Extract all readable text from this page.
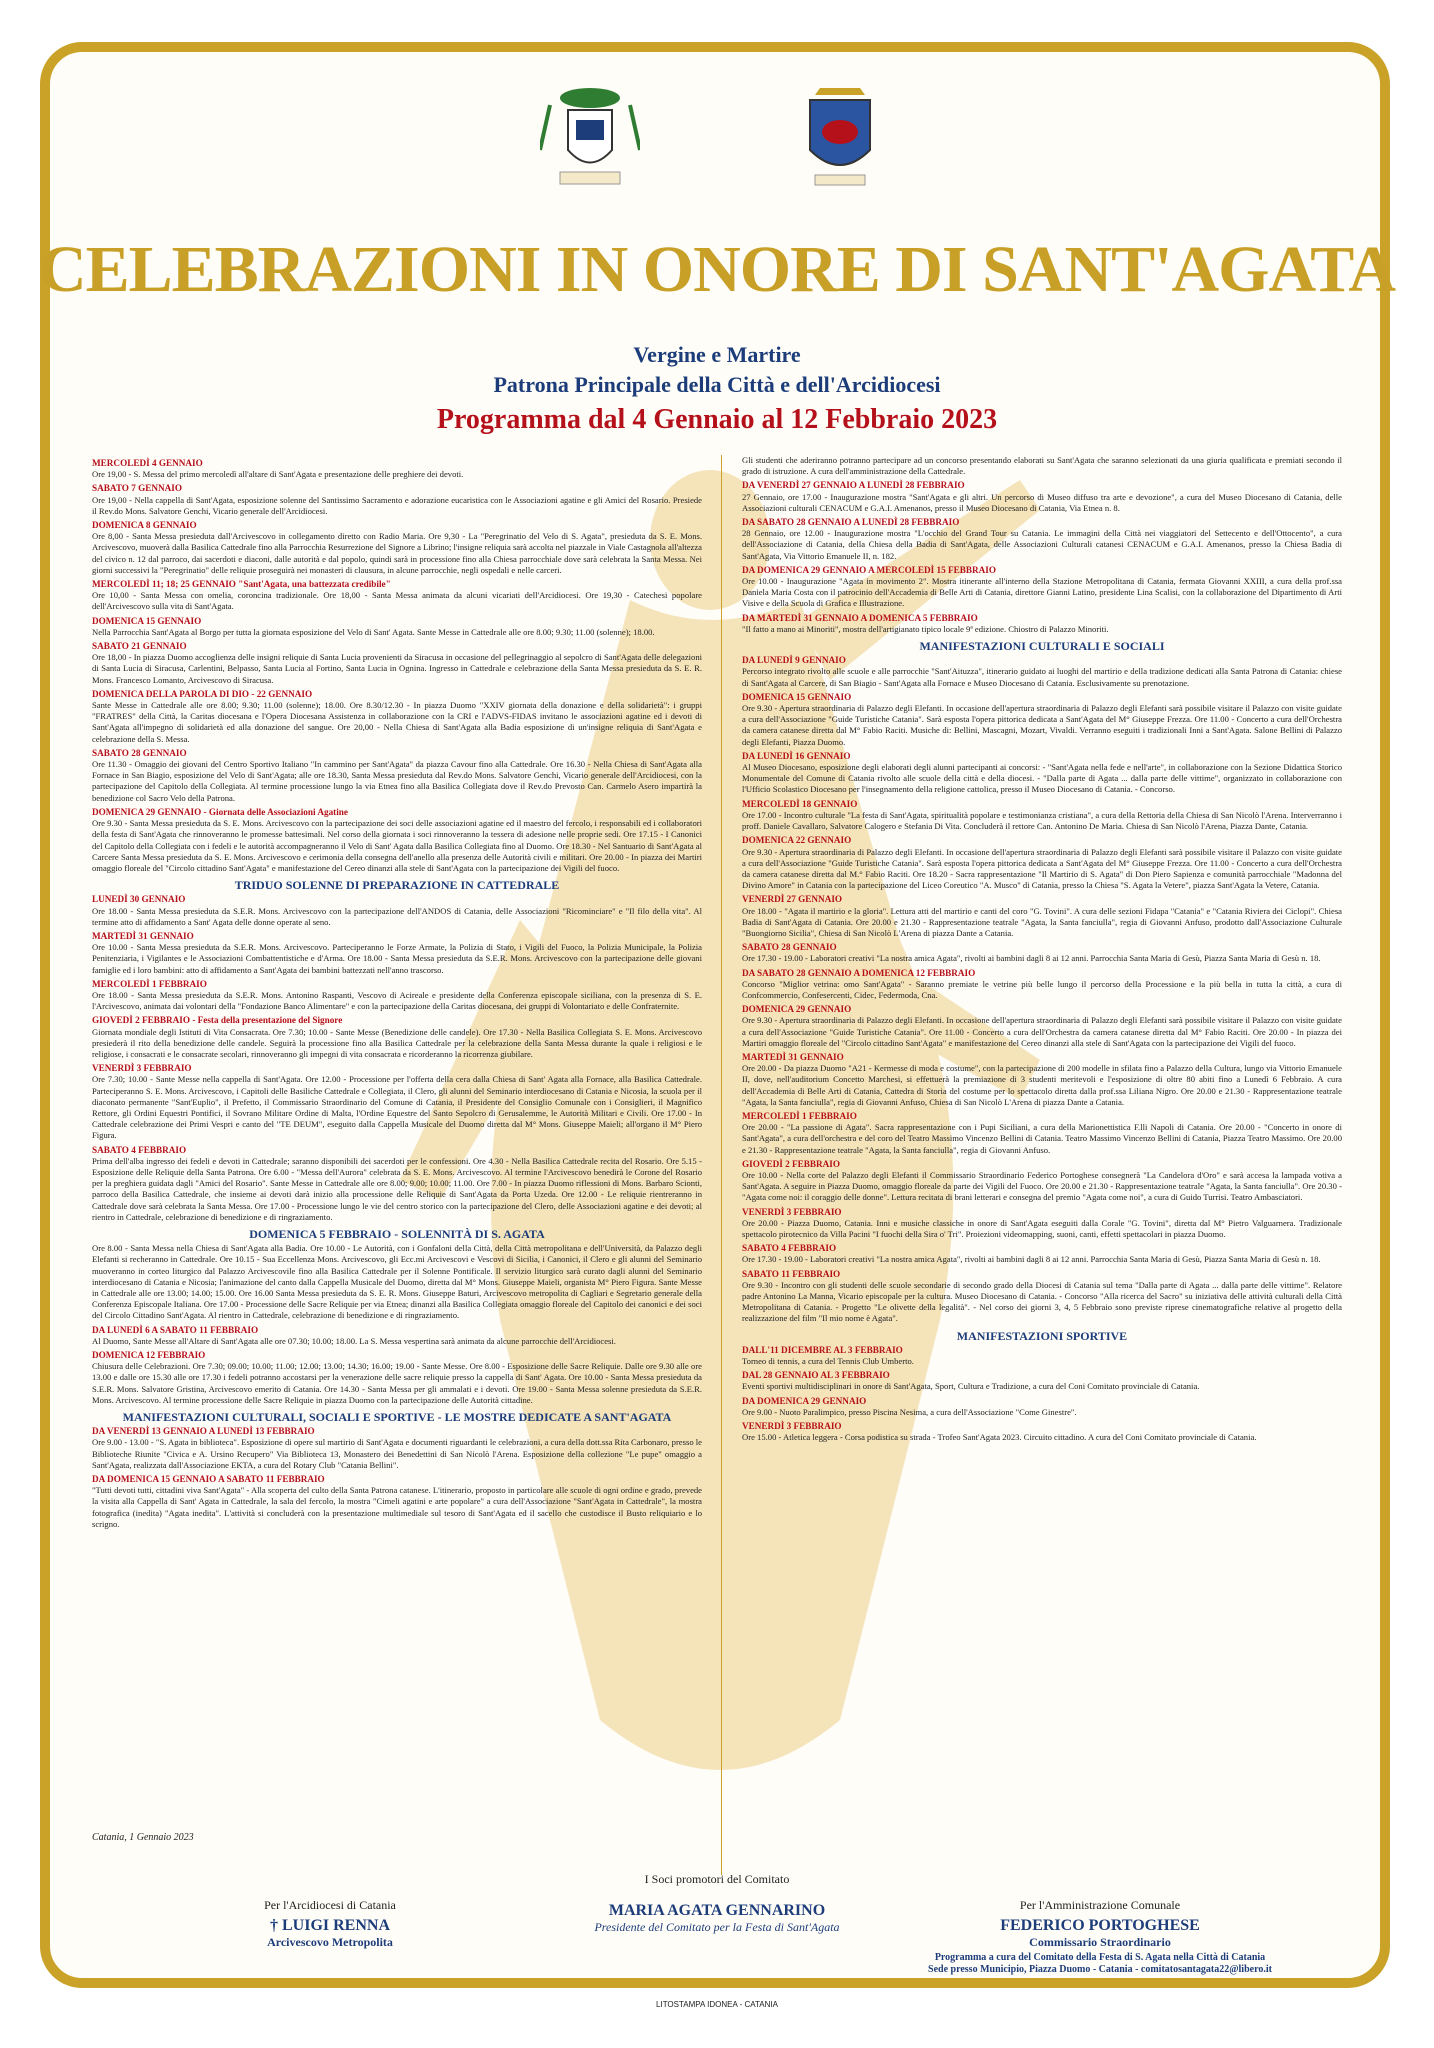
CELEBRAZIONI IN ONORE DI SANT'AGATA
Vergine e Martire
Patrona Principale della Città e dell'Arcidiocesi
Programma dal 4 Gennaio al 12 Febbraio 2023
MERCOLEDÌ 4 GENNAIO

Ore 19,00 - S. Messa del primo mercoledì all'altare di Sant'Agata e presentazione delle preghiere dei devoti.

SABATO 7 GENNAIO

Ore 19,00 - Nella cappella di Sant'Agata, esposizione solenne del Santissimo Sacramento e adorazione eucaristica con le Associazioni agatine e gli Amici del Rosario. Presiede il Rev.do Mons. Salvatore Genchi, Vicario generale dell'Arcidiocesi.

DOMENICA 8 GENNAIO

Ore 8,00 - Santa Messa presieduta dall'Arcivescovo in collegamento diretto con Radio Maria. Ore 9,30 - La "Peregrinatio del Velo di S. Agata", presieduta da S. E. Mons. Arcivescovo, muoverà dalla Basilica Cattedrale fino alla Parrocchia Resurrezione del Signore a Librino; l'insigne reliquia sarà accolta nel piazzale in Viale Castagnola all'altezza del civico n. 12 dal parroco, dai sacerdoti e diaconi, dalle autorità e dal popolo, quindi sarà in processione fino alla Chiesa parrocchiale dove sarà celebrata la Santa Messa. Nei giorni successivi la "Peregrinatio" delle reliquie proseguirà nei monasteri di clausura, in alcune parrocchie, negli ospedali e nelle carceri.

MERCOLEDÌ 11; 18; 25 GENNAIO "Sant'Agata, una battezzata credibile"

Ore 10,00 - Santa Messa con omelia, coroncina tradizionale. Ore 18,00 - Santa Messa animata da alcuni vicariati dell'Arcidiocesi. Ore 19,30 - Catechesi popolare dell'Arcivescovo sulla vita di Sant'Agata.

DOMENICA 15 GENNAIO

Nella Parrocchia Sant'Agata al Borgo per tutta la giornata esposizione del Velo di Sant' Agata. Sante Messe in Cattedrale alle ore 8.00; 9.30; 11.00 (solenne); 18.00.

SABATO 21 GENNAIO

Ore 18,00 - In piazza Duomo accoglienza delle insigni reliquie di Santa Lucia provenienti da Siracusa in occasione del pellegrinaggio al sepolcro di Sant'Agata delle delegazioni di Santa Lucia di Siracusa, Carlentini, Belpasso, Santa Lucia al Fortino, Santa Lucia in Ognina. Ingresso in Cattedrale e celebrazione della Santa Messa presieduta da S. E. R. Mons. Francesco Lomanto, Arcivescovo di Siracusa.

DOMENICA DELLA PAROLA DI DIO - 22 GENNAIO

Sante Messe in Cattedrale alle ore 8.00; 9.30; 11.00 (solenne); 18.00. Ore 8.30/12.30 - In piazza Duomo "XXIV giornata della donazione e della solidarietà": i gruppi "FRATRES" della Città, la Caritas diocesana e l'Opera Diocesana Assistenza in collaborazione con la CRI e l'ADVS-FIDAS invitano le associazioni agatine ed i devoti di Sant'Agata all'impegno di solidarietà ed alla donazione del sangue. Ore 20,00 - Nella Chiesa di Sant'Agata alla Badia esposizione di un'insigne reliquia di Sant'Agata e celebrazione della S. Messa.

SABATO 28 GENNAIO

Ore 11.30 - Omaggio dei giovani del Centro Sportivo Italiano "In cammino per Sant'Agata" da piazza Cavour fino alla Cattedrale. Ore 16.30 - Nella Chiesa di Sant'Agata alla Fornace in San Biagio, esposizione del Velo di Sant'Agata; alle ore 18.30, Santa Messa presieduta dal Rev.do Mons. Salvatore Genchi, Vicario generale dell'Arcidiocesi, con la partecipazione del Capitolo della Collegiata. Al termine processione lungo la via Etnea fino alla Basilica Collegiata dove il Rev.do Prevosto Can. Carmelo Asero impartirà la benedizione col Sacro Velo della Patrona.

DOMENICA 29 GENNAIO - Giornata delle Associazioni Agatine

Ore 9.30 - Santa Messa presieduta da S. E. Mons. Arcivescovo con la partecipazione dei soci delle associazioni agatine ed il maestro del fercolo, i responsabili ed i collaboratori della festa di Sant'Agata che rinnoveranno le promesse battesimali. Nel corso della giornata i soci rinnoveranno la tessera di adesione nelle proprie sedi. Ore 17.15 - I Canonici del Capitolo della Collegiata con i fedeli e le autorità accompagneranno il Velo di Sant' Agata dalla Basilica Collegiata fino al Duomo. Ore 18.30 - Nel Santuario di Sant'Agata al Carcere Santa Messa presieduta da S. E. Mons. Arcivescovo e cerimonia della consegna dell'anello alla presenza delle Autorità civili e militari. Ore 20.00 - In piazza dei Martiri omaggio floreale del "Circolo cittadino Sant'Agata" e manifestazione del Cereo dinanzi alla stele di Sant'Agata con la partecipazione dei Vigili del fuoco.

TRIDUO SOLENNE DI PREPARAZIONE IN CATTEDRALE
LUNEDÌ 30 GENNAIO

Ore 18.00 - Santa Messa presieduta da S.E.R. Mons. Arcivescovo con la partecipazione dell'ANDOS di Catania, delle Associazioni "Ricominciare" e "Il filo della vita". Al termine atto di affidamento a Sant' Agata delle donne operate al seno.

MARTEDÌ 31 GENNAIO

Ore 10.00 - Santa Messa presieduta da S.E.R. Mons. Arcivescovo. Parteciperanno le Forze Armate, la Polizia di Stato, i Vigili del Fuoco, la Polizia Municipale, la Polizia Penitenziaria, i Vigilantes e le Associazioni Combattentistiche e d'Arma. Ore 18.00 - Santa Messa presieduta da S.E.R. Mons. Arcivescovo con la partecipazione delle giovani famiglie ed i loro bambini: atto di affidamento a Sant'Agata dei bambini battezzati nell'anno trascorso.

MERCOLEDÌ 1 FEBBRAIO

Ore 18.00 - Santa Messa presieduta da S.E.R. Mons. Antonino Raspanti, Vescovo di Acireale e presidente della Conferenza episcopale siciliana, con la presenza di S. E. l'Arcivescovo, animata dai volontari della "Fondazione Banco Alimentare" e con la partecipazione della Caritas diocesana, dei gruppi di Volontariato e delle Confraternite.

GIOVEDÌ 2 FEBBRAIO - Festa della presentazione del Signore

Giornata mondiale degli Istituti di Vita Consacrata. Ore 7.30; 10.00 - Sante Messe (Benedizione delle candele). Ore 17.30 - Nella Basilica Collegiata S. E. Mons. Arcivescovo presiederà il rito della benedizione delle candele. Seguirà la processione fino alla Basilica Cattedrale per la celebrazione della Santa Messa durante la quale i religiosi e le religiose, i consacrati e le consacrate secolari, rinnoveranno gli impegni di vita consacrata e ricorderanno la ricorrenza giubilare.

VENERDÌ 3 FEBBRAIO

Ore 7.30; 10.00 - Sante Messe nella cappella di Sant'Agata. Ore 12.00 - Processione per l'offerta della cera dalla Chiesa di Sant' Agata alla Fornace, alla Basilica Cattedrale. Parteciperanno S. E. Mons. Arcivescovo, i Capitoli delle Basiliche Cattedrale e Collegiata, il Clero, gli alunni del Seminario interdiocesano di Catania e Nicosia, la scuola per il diaconato permanente "Sant'Euplio", il Prefetto, il Commissario Straordinario del Comune di Catania, il Presidente del Consiglio Comunale con i Consiglieri, il Magnifico Rettore, gli Ordini Equestri Pontifici, il Sovrano Militare Ordine di Malta, l'Ordine Equestre del Santo Sepolcro di Gerusalemme, le Autorità Militari e Civili. Ore 17.00 - In Cattedrale celebrazione dei Primi Vespri e canto del "TE DEUM", eseguito dalla Cappella Musicale del Duomo diretta dal M° Mons. Giuseppe Maieli; all'organo il M° Piero Figura.

SABATO 4 FEBBRAIO

Prima dell'alba ingresso dei fedeli e devoti in Cattedrale; saranno disponibili dei sacerdoti per le confessioni. Ore 4.30 - Nella Basilica Cattedrale recita del Rosario. Ore 5.15 - Esposizione delle Reliquie della Santa Patrona. Ore 6.00 - "Messa dell'Aurora" celebrata da S. E. Mons. Arcivescovo. Al termine l'Arcivescovo benedirà le Corone del Rosario per la preghiera guidata dagli "Amici del Rosario". Sante Messe in Cattedrale alle ore 8.00; 9.00; 10.00; 11.00. Ore 7.00 - In piazza Duomo riflessioni di Mons. Barbaro Scionti, parroco della Basilica Cattedrale, che insieme ai devoti darà inizio alla processione delle Reliquie di Sant'Agata da Porta Uzeda. Ore 12.00 - Le reliquie rientreranno in Cattedrale dove sarà celebrata la Santa Messa. Ore 17.00 - Processione lungo le vie del centro storico con la partecipazione del Clero, delle Associazioni agatine e dei devoti; al rientro in Cattedrale, celebrazione di benedizione e di ringraziamento.

DOMENICA 5 FEBBRAIO - SOLENNITÀ DI S. AGATA

Ore 8.00 - Santa Messa nella Chiesa di Sant'Agata alla Badia. Ore 10.00 - Le Autorità, con i Gonfaloni della Città, della Città metropolitana e dell'Università, da Palazzo degli Elefanti si recheranno in Cattedrale. Ore 10.15 - Sua Eccellenza Mons. Arcivescovo, gli Ecc.mi Arcivescovi e Vescovi di Sicilia, i Canonici, il Clero e gli alunni del Seminario muoveranno in corteo liturgico dal Palazzo Arcivescovile fino alla Basilica Cattedrale per il Solenne Pontificale. Il servizio liturgico sarà curato dagli alunni del Seminario interdiocesano di Catania e Nicosia; l'animazione del canto dalla Cappella Musicale del Duomo, diretta dal M° Mons. Giuseppe Maieli, organista M° Piero Figura. Sante Messe in Cattedrale alle ore 13.00; 14.00; 15.00. Ore 16.00 Santa Messa presieduta da S. E. R. Mons. Giuseppe Baturi, Arcivescovo metropolita di Cagliari e Segretario generale della Conferenza Episcopale Italiana. Ore 17.00 - Processione delle Sacre Reliquie per via Etnea; dinanzi alla Basilica Collegiata omaggio floreale del Capitolo dei canonici e dei soci del Circolo Cittadino Sant'Agata. Al rientro in Cattedrale, celebrazione di benedizione e di ringraziamento.

DA LUNEDÌ 6 A SABATO 11 FEBBRAIO

Al Duomo, Sante Messe all'Altare di Sant'Agata alle ore 07.30; 10.00; 18.00. La S. Messa vespertina sarà animata da alcune parrocchie dell'Arcidiocesi.

DOMENICA 12 FEBBRAIO

Chiusura delle Celebrazioni. Ore 7.30; 09.00; 10.00; 11.00; 12.00; 13.00; 14.30; 16.00; 19.00 - Sante Messe. Ore 8.00 - Esposizione delle Sacre Reliquie. Dalle ore 9.30 alle ore 13.00 e dalle ore 15.30 alle ore 17.30 i fedeli potranno accostarsi per la venerazione delle sacre reliquie presso la cappella di Sant' Agata. Ore 10.00 - Santa Messa presieduta da S.E.R. Mons. Salvatore Gristina, Arcivescovo emerito di Catania. Ore 14.30 - Santa Messa per gli ammalati e i devoti. Ore 19.00 - Santa Messa solenne presieduta da S.E.R. Mons. Arcivescovo. Al termine processione delle Sacre Reliquie in piazza Duomo con la partecipazione delle Autorità cittadine.

MANIFESTAZIONI CULTURALI, SOCIALI E SPORTIVE - LE MOSTRE DEDICATE A SANT'AGATA
DA VENERDÌ 13 GENNAIO A LUNEDÌ 13 FEBBRAIO

Ore 9.00 - 13.00 - "S. Agata in biblioteca". Esposizione di opere sul martirio di Sant'Agata e documenti riguardanti le celebrazioni, a cura della dott.ssa Rita Carbonaro, presso le Biblioteche Riunite "Civica e A. Ursino Recupero" Via Biblioteca 13, Monastero dei Benedettini di San Nicolò l'Arena. Esposizione della collezione "Le pupe" omaggio a Sant'Agata, realizzata dall'Associazione EKTA, a cura del Rotary Club "Catania Bellini".

DA DOMENICA 15 GENNAIO A SABATO 11 FEBBRAIO

"Tutti devoti tutti, cittadini viva Sant'Agata" - Alla scoperta del culto della Santa Patrona catanese. L'itinerario, proposto in particolare alle scuole di ogni ordine e grado, prevede la visita alla Cappella di Sant' Agata in Cattedrale, la sala del fercolo, la mostra "Cimeli agatini e arte popolare" a cura dell'Associazione "Sant'Agata in Cattedrale", la mostra fotografica (inedita) "Agata inedita". L'attività si concluderà con la presentazione multimediale sul tesoro di Sant'Agata ed il sacello che custodisce il Busto reliquiario e lo scrigno.

Gli studenti che aderiranno potranno partecipare ad un concorso presentando elaborati su Sant'Agata che saranno selezionati da una giuria qualificata e premiati secondo il grado di istruzione. A cura dell'amministrazione della Cattedrale.

DA VENERDÌ 27 GENNAIO A LUNEDÌ 28 FEBBRAIO

27 Gennaio, ore 17.00 - Inaugurazione mostra "Sant'Agata e gli altri. Un percorso di Museo diffuso tra arte e devozione", a cura del Museo Diocesano di Catania, delle Associazioni culturali CENACUM e G.A.I. Amenanos, presso il Museo Diocesano di Catania, Via Etnea n. 8.

DA SABATO 28 GENNAIO A LUNEDÌ 28 FEBBRAIO

28 Gennaio, ore 12.00 - Inaugurazione mostra "L'occhio del Grand Tour su Catania. Le immagini della Città nei viaggiatori del Settecento e dell'Ottocento", a cura dell'Associazione di Catania, della Chiesa della Badia di Sant'Agata, delle Associazioni Culturali catanesi CENACUM e G.A.I. Amenanos, presso la Chiesa Badia di Sant'Agata, Via Vittorio Emanuele II, n. 182.

DA DOMENICA 29 GENNAIO A MERCOLEDÌ 15 FEBBRAIO

Ore 10.00 - Inaugurazione "Agata in movimento 2". Mostra itinerante all'interno della Stazione Metropolitana di Catania, fermata Giovanni XXIII, a cura della prof.ssa Daniela Maria Costa con il patrocinio dell'Accademia di Belle Arti di Catania, direttore Gianni Latino, presidente Lina Scalisi, con la collaborazione del Dipartimento di Arti Visive e della Scuola di Grafica e Illustrazione.

DA MARTEDÌ 31 GENNAIO A DOMENICA 5 FEBBRAIO

"Il fatto a mano ai Minoriti", mostra dell'artigianato tipico locale 9ª edizione. Chiostro di Palazzo Minoriti.

MANIFESTAZIONI CULTURALI E SOCIALI
DA LUNEDÌ 9 GENNAIO

Percorso integrato rivolto alle scuole e alle parrocchie "Sant'Aituzza", itinerario guidato ai luoghi del martirio e della tradizione dedicati alla Santa Patrona di Catania: chiese di Sant'Agata al Carcere, di San Biagio - Sant'Agata alla Fornace e Museo Diocesano di Catania. Esclusivamente su prenotazione.

DOMENICA 15 GENNAIO

Ore 9.30 - Apertura straordinaria di Palazzo degli Elefanti. In occasione dell'apertura straordinaria di Palazzo degli Elefanti sarà possibile visitare il Palazzo con visite guidate a cura dell'Associazione "Guide Turistiche Catania". Sarà esposta l'opera pittorica dedicata a Sant'Agata del M° Giuseppe Frezza. Ore 11.00 - Concerto a cura dell'Orchestra da camera catanese diretta dal M° Fabio Raciti. Musiche di: Bellini, Mascagni, Mozart, Vivaldi. Verranno eseguiti i tradizionali Inni a Sant'Agata. Salone Bellini di Palazzo degli Elefanti, Piazza Duomo.

DA LUNEDÌ 16 GENNAIO

Al Museo Diocesano, esposizione degli elaborati degli alunni partecipanti ai concorsi: - "Sant'Agata nella fede e nell'arte", in collaborazione con la Sezione Didattica Storico Monumentale del Comune di Catania rivolto alle scuole della città e della diocesi. - "Dalla parte di Agata ... dalla parte delle vittime", organizzato in collaborazione con l'Ufficio Scolastico Diocesano per l'insegnamento della religione cattolica, presso il Museo Diocesano di Catania. - Concorso.

MERCOLEDÌ 18 GENNAIO

Ore 17.00 - Incontro culturale "La festa di Sant'Agata, spiritualità popolare e testimonianza cristiana", a cura della Rettoria della Chiesa di San Nicolò l'Arena. Interverranno i proff. Daniele Cavallaro, Salvatore Calogero e Stefania Di Vita. Concluderà il rettore Can. Antonino De Maria. Chiesa di San Nicolò l'Arena, Piazza Dante, Catania.

DOMENICA 22 GENNAIO

Ore 9.30 - Apertura straordinaria di Palazzo degli Elefanti. In occasione dell'apertura straordinaria di Palazzo degli Elefanti sarà possibile visitare il Palazzo con visite guidate a cura dell'Associazione "Guide Turistiche Catania". Sarà esposta l'opera pittorica dedicata a Sant'Agata del M° Giuseppe Frezza. Ore 11.00 - Concerto a cura dell'Orchestra da camera catanese diretta dal M.° Fabio Raciti. Ore 18.20 - Sacra rappresentazione "Il Martirio di S. Agata" di Don Piero Sapienza e comunità parrocchiale "Madonna del Divino Amore" in Catania con la partecipazione del Liceo Coreutico "A. Musco" di Catania, presso la Chiesa "S. Agata la Vetere", piazza Sant'Agata la Vetere, Catania.

VENERDÌ 27 GENNAIO

Ore 18.00 - "Agata il martirio e la gloria". Lettura atti del martirio e canti del coro "G. Tovini". A cura delle sezioni Fidapa "Catania" e "Catania Riviera dei Ciclopi". Chiesa Badia di Sant'Agata di Catania. Ore 20.00 e 21.30 - Rappresentazione teatrale "Agata, la Santa fanciulla", regia di Giovanni Anfuso, prodotto dall'Associazione Culturale "Buongiorno Sicilia", Chiesa di San Nicolò L'Arena di piazza Dante a Catania.

SABATO 28 GENNAIO

Ore 17.30 - 19.00 - Laboratori creativi "La nostra amica Agata", rivolti ai bambini dagli 8 ai 12 anni. Parrocchia Santa Maria di Gesù, Piazza Santa Maria di Gesù n. 18.

DA SABATO 28 GENNAIO A DOMENICA 12 FEBBRAIO

Concorso "Miglior vetrina: omo Sant'Agata" - Saranno premiate le vetrine più belle lungo il percorso della Processione e la più bella in tutta la città, a cura di Confcommercio, Confesercenti, Cidec, Federmoda, Cna.

DOMENICA 29 GENNAIO

Ore 9.30 - Apertura straordinaria di Palazzo degli Elefanti. In occasione dell'apertura straordinaria di Palazzo degli Elefanti sarà possibile visitare il Palazzo con visite guidate a cura dell'Associazione "Guide Turistiche Catania". Ore 11.00 - Concerto a cura dell'Orchestra da camera catanese diretta dal M° Fabio Raciti. Ore 20.00 - In piazza dei Martiri omaggio floreale del "Circolo cittadino Sant'Agata" e manifestazione del Cereo dinanzi alla stele di Sant'Agata con la partecipazione dei Vigili del fuoco.

MARTEDÌ 31 GENNAIO

Ore 20.00 - Da piazza Duomo "A21 - Kermesse di moda e costume", con la partecipazione di 200 modelle in sfilata fino a Palazzo della Cultura, lungo via Vittorio Emanuele II, dove, nell'auditorium Concetto Marchesi, si effettuerà la premiazione di 3 studenti meritevoli e l'esposizione di oltre 80 abiti fino a Lunedì 6 Febbraio. A cura dell'Accademia di Belle Arti di Catania, Cattedra di Storia del costume per lo spettacolo diretta dalla prof.ssa Liliana Nigro. Ore 20.00 e 21.30 - Rappresentazione teatrale "Agata, la Santa fanciulla", regia di Giovanni Anfuso, Chiesa di San Nicolò L'Arena di piazza Dante a Catania.

MERCOLEDÌ 1 FEBBRAIO

Ore 20.00 - "La passione di Agata". Sacra rappresentazione con i Pupi Siciliani, a cura della Marionettistica F.lli Napoli di Catania. Ore 20.00 - "Concerto in onore di Sant'Agata", a cura dell'orchestra e del coro del Teatro Massimo Vincenzo Bellini di Catania. Teatro Massimo Vincenzo Bellini di Catania, Piazza Teatro Massimo. Ore 20.00 e 21.30 - Rappresentazione teatrale "Agata, la Santa fanciulla", regia di Giovanni Anfuso.

GIOVEDÌ 2 FEBBRAIO

Ore 10.00 - Nella corte del Palazzo degli Elefanti il Commissario Straordinario Federico Portoghese consegnerà "La Candelora d'Oro" e sarà accesa la lampada votiva a Sant'Agata. A seguire in Piazza Duomo, omaggio floreale da parte dei Vigili del Fuoco. Ore 20.00 e 21.30 - Rappresentazione teatrale "Agata, la Santa fanciulla". Ore 20.30 - "Agata come noi: il coraggio delle donne". Lettura recitata di brani letterari e consegna del premio "Agata come noi", a cura di Guido Turrisi. Teatro Ambasciatori.

VENERDÌ 3 FEBBRAIO

Ore 20.00 - Piazza Duomo, Catania. Inni e musiche classiche in onore di Sant'Agata eseguiti dalla Corale "G. Tovini", diretta dal M° Pietro Valguarnera. Tradizionale spettacolo pirotecnico da Villa Pacini "I fuochi della Sira o' Tri". Proiezioni videomapping, suoni, canti, effetti spettacolari in piazza Duomo.

SABATO 4 FEBBRAIO

Ore 17.30 - 19.00 - Laboratori creativi "La nostra amica Agata", rivolti ai bambini dagli 8 ai 12 anni. Parrocchia Santa Maria di Gesù, Piazza Santa Maria di Gesù n. 18.

SABATO 11 FEBBRAIO

Ore 9.30 - Incontro con gli studenti delle scuole secondarie di secondo grado della Diocesi di Catania sul tema "Dalla parte di Agata ... dalla parte delle vittime". Relatore padre Antonino La Manna, Vicario episcopale per la cultura. Museo Diocesano di Catania. - Concorso "Alla ricerca del Sacro" su iniziativa delle attività culturali della Città Metropolitana di Catania. - Progetto "Le olivette della legalità". - Nel corso dei giorni 3, 4, 5 Febbraio sono previste riprese cinematografiche relative al progetto della realizzazione del film "Il mio nome è Agata".

MANIFESTAZIONI SPORTIVE
DALL'11 DICEMBRE AL 3 FEBBRAIO

Torneo di tennis, a cura del Tennis Club Umberto.

DAL 28 GENNAIO AL 3 FEBBRAIO

Eventi sportivi multidisciplinari in onore di Sant'Agata, Sport, Cultura e Tradizione, a cura del Coni Comitato provinciale di Catania.

DA DOMENICA 29 GENNAIO

Ore 9.00 - Nuoto Paralimpico, presso Piscina Nesima, a cura dell'Associazione "Come Ginestre".

VENERDÌ 3 FEBBRAIO

Ore 15.00 - Atletica leggera - Corsa podistica su strada - Trofeo Sant'Agata 2023. Circuito cittadino. A cura del Coni Comitato provinciale di Catania.

Catania, 1 Gennaio 2023
I Soci promotori del Comitato
Per l'Arcidiocesi di Catania
† LUIGI RENNA
Arcivescovo Metropolita
MARIA AGATA GENNARINO
Presidente del Comitato per la Festa di Sant'Agata
Per l'Amministrazione Comunale
FEDERICO PORTOGHESE
Commissario Straordinario
Programma a cura del Comitato della Festa di S. Agata nella Città di Catania
Sede presso Municipio, Piazza Duomo - Catania - comitatosantagata22@libero.it
LITOSTAMPA IDONEA - CATANIA
